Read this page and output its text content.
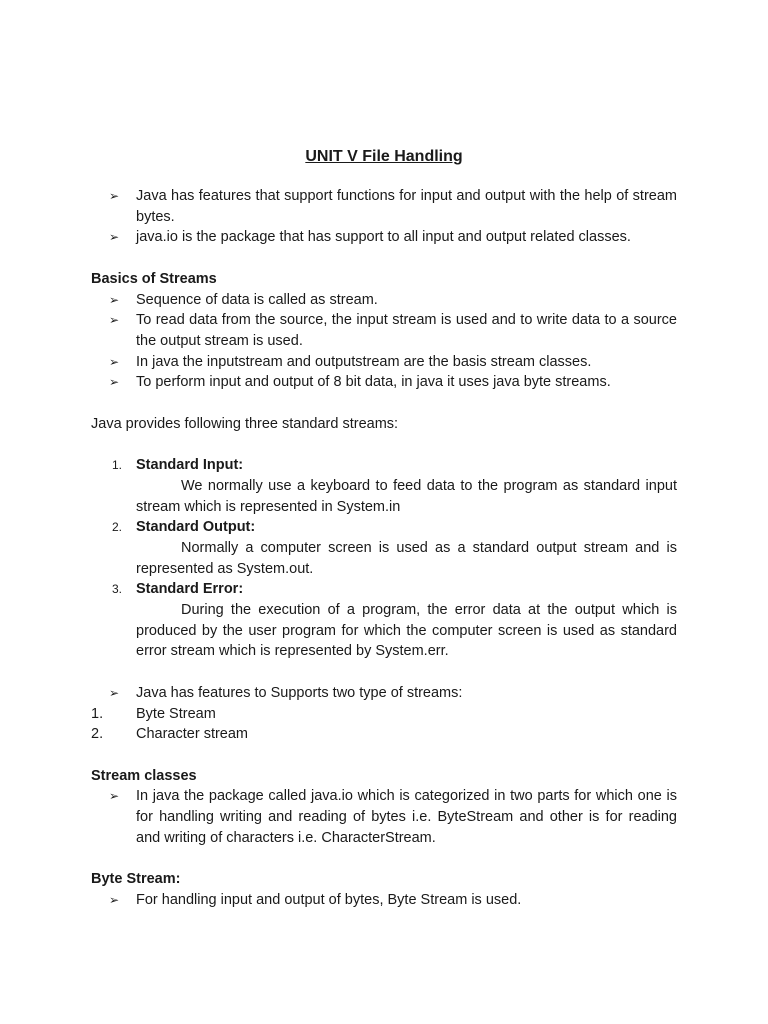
UNIT V File Handling
➢ Java has features that support functions for input and output with the help of stream bytes.
➢ java.io is the package that has support to all input and output related classes.
Basics of Streams
➢ Sequence of data is called as stream.
➢ To read data from the source, the input stream is used and to write data to a source the output stream is used.
➢ In java the inputstream and outputstream are the basis stream classes.
➢ To perform input and output of 8 bit data, in java it uses java byte streams.

Java provides following three standard streams:

1. Standard Input:

We normally use a keyboard to feed data to the program as standard input stream which is represented in System.in

2. Standard Output:

Normally a computer screen is used as a standard output stream and is represented as System.out.

3. Standard Error:

During the execution of a program, the error data at the output which is produced by the user program for which the computer screen is used as standard error stream which is represented by System.err.

➢ Java has features to Supports two type of streams:
1. Byte Stream
2. Character stream
Stream classes
➢ In java the package called java.io which is categorized in two parts for which one is for handling writing and reading of bytes i.e. ByteStream and other is for reading and writing of characters i.e. CharacterStream.
Byte Stream:
➢ For handling input and output of bytes, Byte Stream is used.
